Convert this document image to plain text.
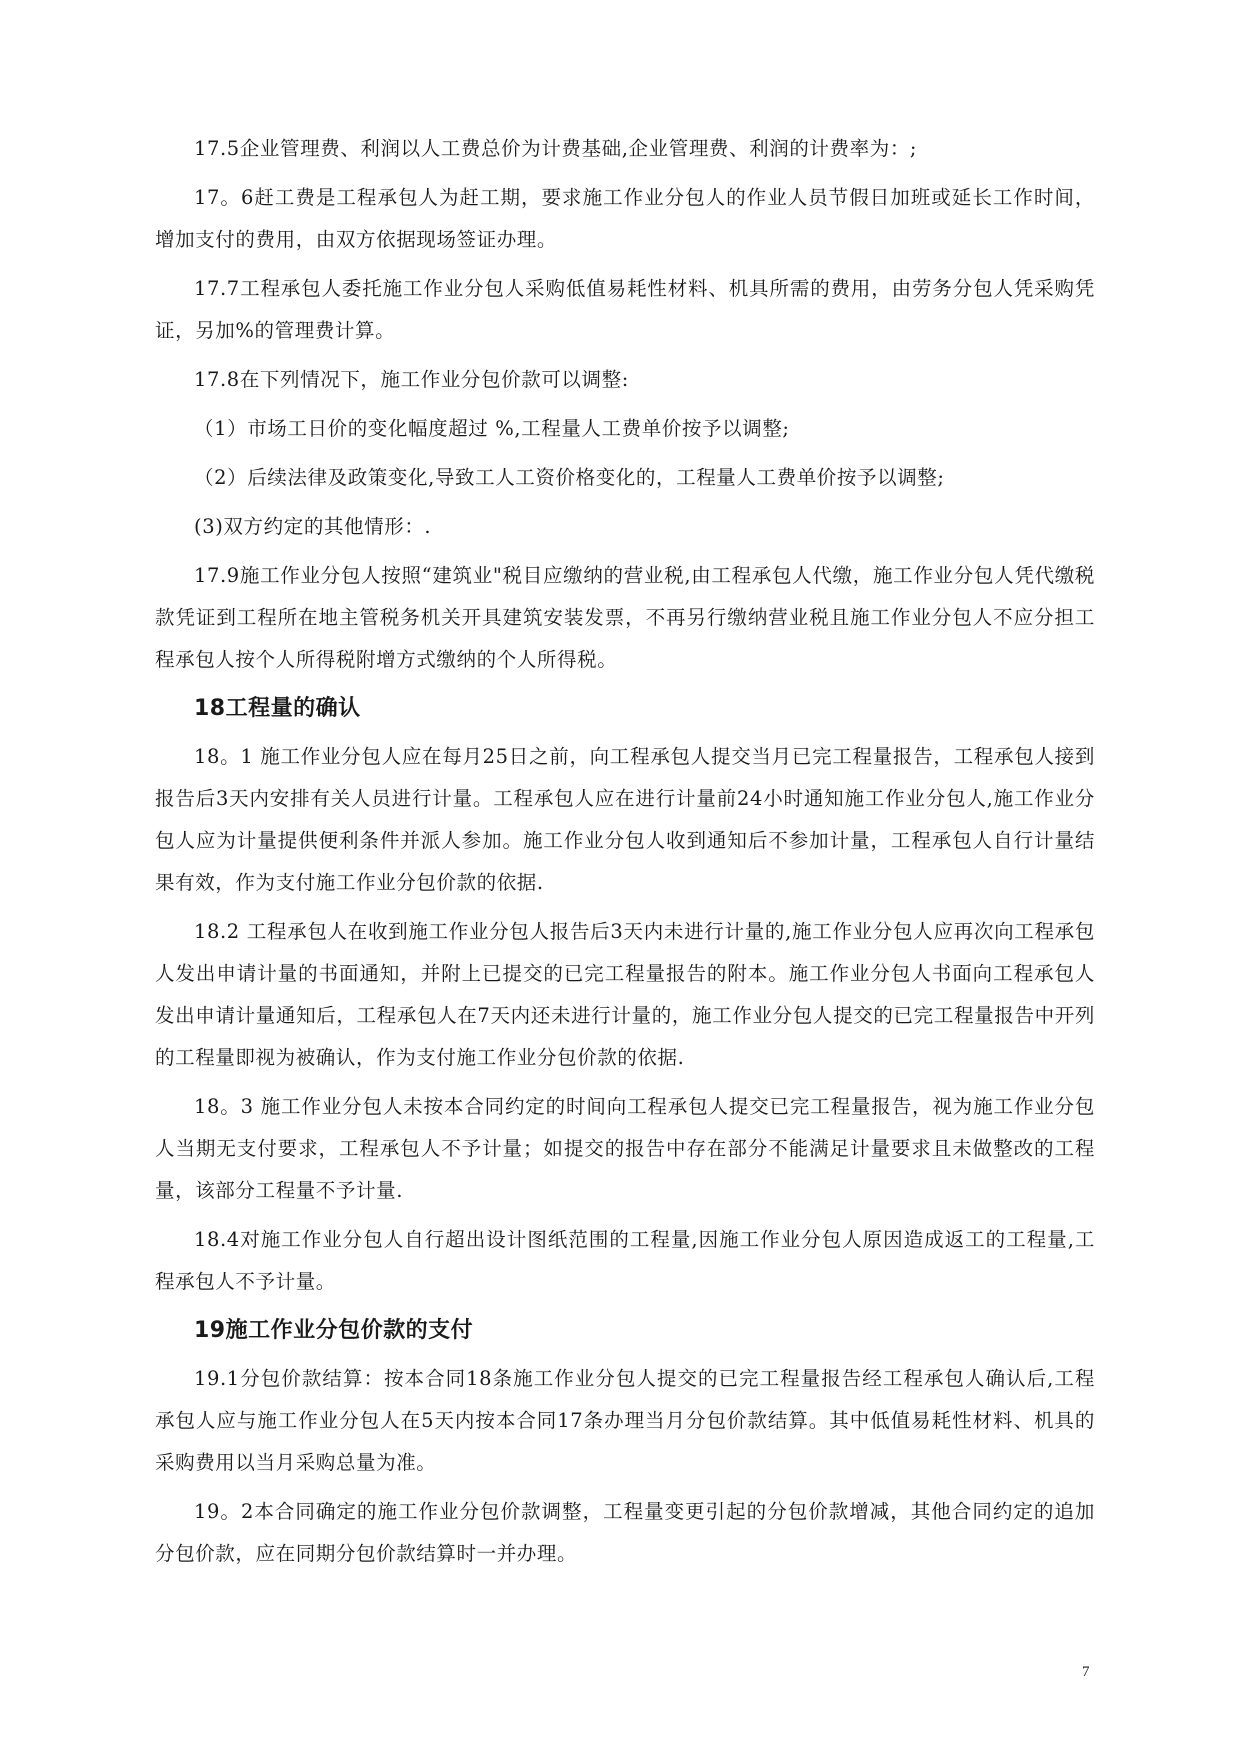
17.5企业管理费、利润以人工费总价为计费基础,企业管理费、利润的计费率为：;

17。6赶工费是工程承包人为赶工期，要求施工作业分包人的作业人员节假日加班或延长工作时间，增加支付的费用，由双方依据现场签证办理。

17.7工程承包人委托施工作业分包人采购低值易耗性材料、机具所需的费用，由劳务分包人凭采购凭证，另加%的管理费计算。

17.8在下列情况下，施工作业分包价款可以调整:

（1）市场工日价的变化幅度超过 %,工程量人工费单价按予以调整;

（2）后续法律及政策变化,导致工人工资价格变化的，工程量人工费单价按予以调整;

(3)双方约定的其他情形：.

17.9施工作业分包人按照“建筑业"税目应缴纳的营业税,由工程承包人代缴，施工作业分包人凭代缴税款凭证到工程所在地主管税务机关开具建筑安装发票，不再另行缴纳营业税且施工作业分包人不应分担工程承包人按个人所得税附增方式缴纳的个人所得税。

18工程量的确认

18。1 施工作业分包人应在每月25日之前，向工程承包人提交当月已完工程量报告，工程承包人接到报告后3天内安排有关人员进行计量。工程承包人应在进行计量前24小时通知施工作业分包人,施工作业分包人应为计量提供便利条件并派人参加。施工作业分包人收到通知后不参加计量，工程承包人自行计量结果有效，作为支付施工作业分包价款的依据.

18.2 工程承包人在收到施工作业分包人报告后3天内未进行计量的,施工作业分包人应再次向工程承包人发出申请计量的书面通知，并附上已提交的已完工程量报告的附本。施工作业分包人书面向工程承包人发出申请计量通知后，工程承包人在7天内还未进行计量的，施工作业分包人提交的已完工程量报告中开列的工程量即视为被确认，作为支付施工作业分包价款的依据.

18。3 施工作业分包人未按本合同约定的时间向工程承包人提交已完工程量报告，视为施工作业分包人当期无支付要求，工程承包人不予计量；如提交的报告中存在部分不能满足计量要求且未做整改的工程量，该部分工程量不予计量.

18.4对施工作业分包人自行超出设计图纸范围的工程量,因施工作业分包人原因造成返工的工程量,工程承包人不予计量。

19施工作业分包价款的支付

19.1分包价款结算：按本合同18条施工作业分包人提交的已完工程量报告经工程承包人确认后,工程承包人应与施工作业分包人在5天内按本合同17条办理当月分包价款结算。其中低值易耗性材料、机具的采购费用以当月采购总量为准。

19。2本合同确定的施工作业分包价款调整，工程量变更引起的分包价款增减，其他合同约定的追加分包价款，应在同期分包价款结算时一并办理。

7
